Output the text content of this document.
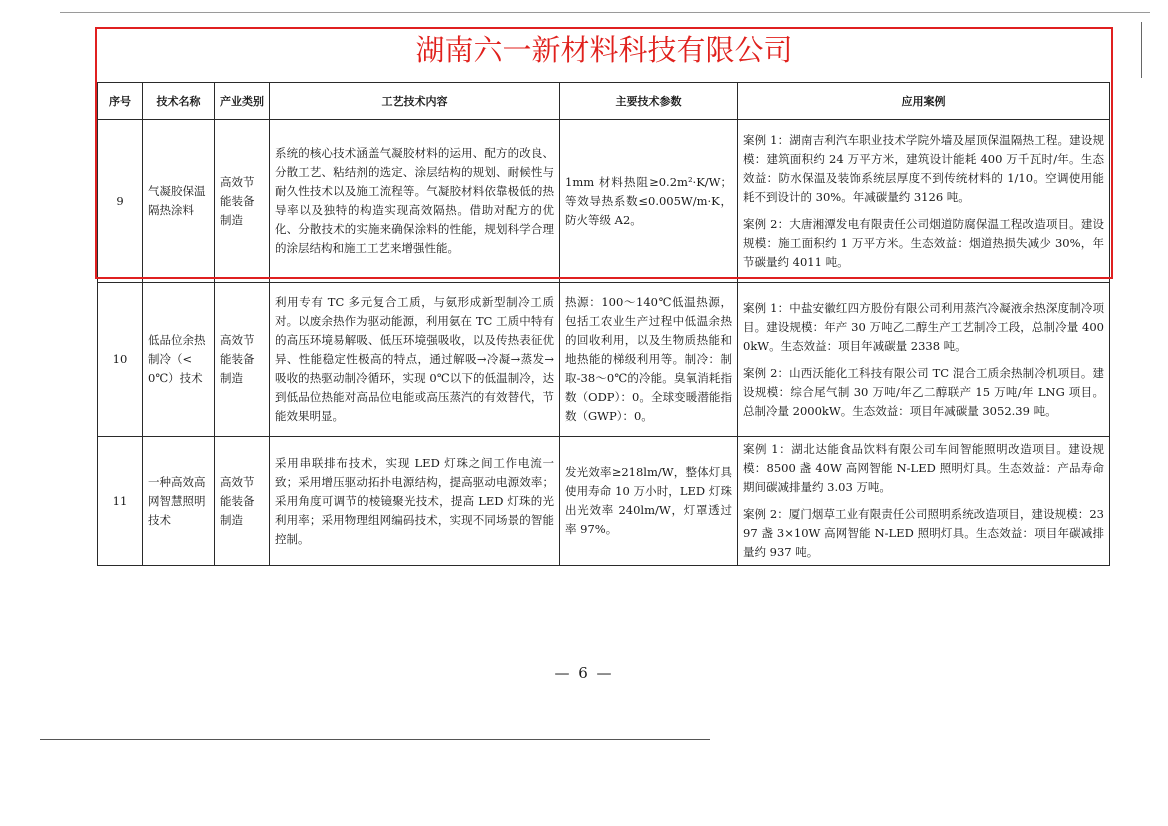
湖南六一新材料科技有限公司
序号	技术名称	产业类别	工艺技术内容	主要技术参数	应用案例
9	气凝胶保温隔热涂料	高效节能装备制造	系统的核心技术涵盖气凝胶材料的运用、配方的改良、分散工艺、粘结剂的选定、涂层结构的规划、耐候性与耐久性技术以及施工流程等。气凝胶材料依靠极低的热导率以及独特的构造实现高效隔热。借助对配方的优化、分散技术的实施来确保涂料的性能，规划科学合理的涂层结构和施工工艺来增强性能。	1mm 材料热阻≥0.2m²·K/W；等效导热系数≤0.005W/m·K，防火等级 A2。	案例 1：湖南吉利汽车职业技术学院外墙及屋顶保温隔热工程。建设规模：建筑面积约 24 万平方米，建筑设计能耗 400 万千瓦时/年。生态效益：防水保温及装饰系统层厚度不到传统材料的 1/10。空调使用能耗不到设计的 30%。年减碳量约 3126 吨。
案例 2：大唐湘潭发电有限责任公司烟道防腐保温工程改造项目。建设规模：施工面积约 1 万平方米。生态效益：烟道热损失减少 30%，年节碳量约 4011 吨。

10	低品位余热制冷（<0℃）技术	高效节能装备制造	利用专有 TC 多元复合工质，与氨形成新型制冷工质对。以废余热作为驱动能源，利用氨在 TC 工质中特有的高压环境易解吸、低压环境强吸收，以及传热表征优异、性能稳定性极高的特点，通过解吸→冷凝→蒸发→吸收的热驱动制冷循环，实现 0℃以下的低温制冷，达到低品位热能对高品位电能或高压蒸汽的有效替代，节能效果明显。	热源：100～140℃低温热源，包括工农业生产过程中低温余热的回收利用，以及生物质热能和地热能的梯级利用等。制冷：制取-38～0℃的冷能。臭氧消耗指数（ODP）：0。全球变暖潜能指数（GWP）：0。	案例 1：中盐安徽红四方股份有限公司利用蒸汽冷凝液余热深度制冷项目。建设规模：年产 30 万吨乙二醇生产工艺制冷工段，总制冷量 4000kW。生态效益：项目年减碳量 2338 吨。
案例 2：山西沃能化工科技有限公司 TC 混合工质余热制冷机项目。建设规模：综合尾气制 30 万吨/年乙二醇联产 15 万吨/年 LNG 项目。总制冷量 2000kW。生态效益：项目年减碳量 3052.39 吨。

11	一种高效高网智慧照明技术	高效节能装备制造	采用串联排布技术，实现 LED 灯珠之间工作电流一致；采用增压驱动拓扑电源结构，提高驱动电源效率；采用角度可调节的棱镜聚光技术，提高 LED 灯珠的光利用率；采用物理组网编码技术，实现不同场景的智能控制。	发光效率≥218lm/W，整体灯具使用寿命 10 万小时，LED 灯珠出光效率 240lm/W，灯罩透过率 97%。	案例 1：湖北达能食品饮料有限公司车间智能照明改造项目。建设规模：8500 盏 40W 高网智能 N-LED 照明灯具。生态效益：产品寿命期间碳减排量约 3.03 万吨。
案例 2：厦门烟草工业有限责任公司照明系统改造项目，建设规模：2397 盏 3×10W 高网智能 N-LED 照明灯具。生态效益：项目年碳减排量约 937 吨。
— 6 —
